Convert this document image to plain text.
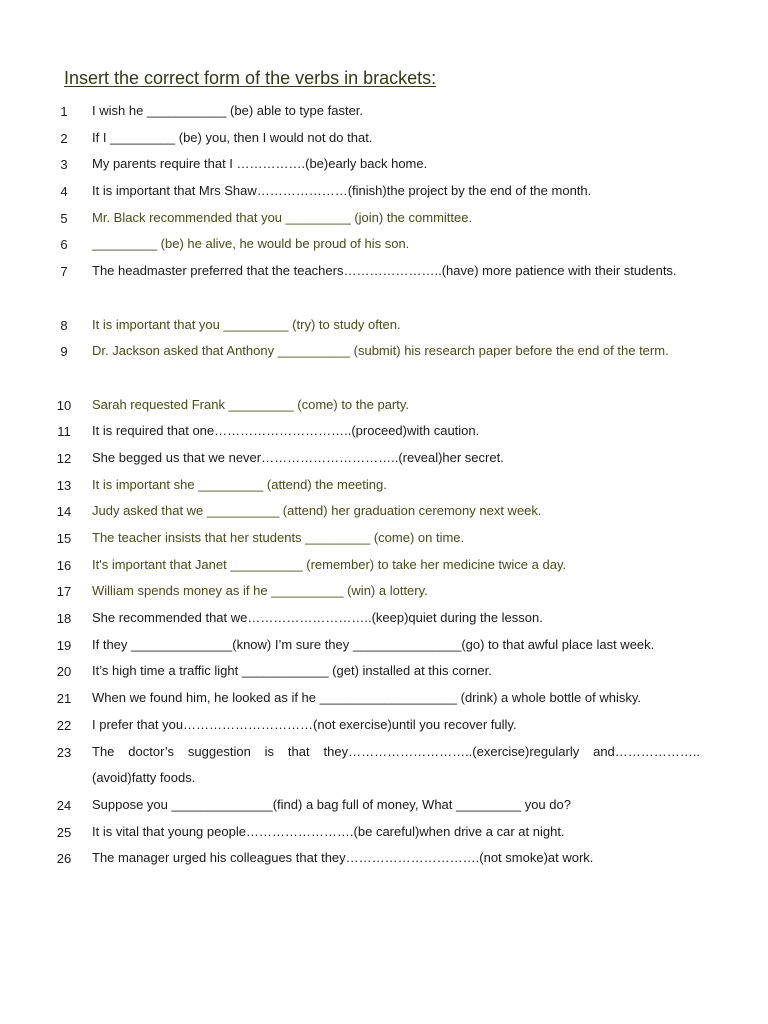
Insert the correct form of the verbs in brackets:
1	I wish he ___________ (be) able to type faster.
2	If I _________ (be) you, then I would not do that.
3	My parents require that I …………….(be)early back home.
4	It is important that Mrs Shaw…………………(finish)the project by the end of the month.
5	Mr. Black recommended that you _________ (join) the committee.
6	_________ (be) he alive, he would be proud of his son.
7	The headmaster preferred that the teachers…………………..(have) more patience with their students.
8	It is important that you _________ (try) to study often.
9	Dr. Jackson asked that Anthony __________ (submit) his research paper before the end of the term.
10 Sarah requested Frank _________ (come) to the party.
11 It is required that one…………………………..(proceed)with caution.
12 She begged us that we never…………………………..(reveal)her secret.
13 It is important she _________ (attend) the meeting.
14 Judy asked that we __________ (attend) her graduation ceremony next week.
15 The teacher insists that her students _________ (come) on time.
16 It's important that Janet __________ (remember) to take her medicine twice a day.
17 William spends money as if he __________ (win) a lottery.
18 She recommended that we………………………..(keep)quiet during the lesson.
19 If they ______________(know) I’m sure they _______________(go) to that awful place last week.
20 It’s high time a traffic light ____________ (get) installed at this corner.
21 When we found him, he looked as if he ___________________ (drink) a whole bottle of whisky.
22 I prefer that you…………………………(not exercise)until you recover fully.
23 The doctor’s suggestion is that they………………………..(exercise)regularly and………………..(avoid)fatty foods.
24 Suppose you ______________(find) a bag full of money, What _________ you do?
25 It is vital that young people…………………….(be careful)when drive a car at night.
26 The manager urged his colleagues that they………………………….(not smoke)at work.
